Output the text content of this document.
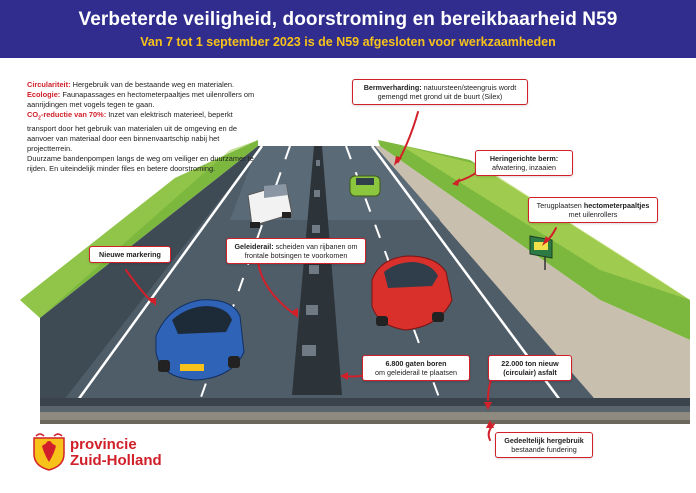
Verbeterde veiligheid, doorstroming en bereikbaarheid N59
Van 7 tot 1 september 2023 is de N59 afgesloten voor werkzaamheden
Circulariteit: Hergebruik van de bestaande weg en materialen.
Ecologie: Faunapassages en hectometerpaaltjes met uilenrollers om aanrijdingen met vogels tegen te gaan.
$CO_2$-reductie van 70%: Inzet van elektrisch materieel, beperkt transport door het gebruik van materialen uit de omgeving en de aanvoer van materiaal door een binnenvaartschip nabij het projectterrein.
Duurzame bandenpompen langs de weg om veiliger en duurzamer te rijden. En uiteindelijk minder files en betere doorstroming.
Bermverharding: natuursteen/steengruis wordt gemengd met grond uit de buurt (Silex)
Heringerichte berm:
afwatering, inzaaien
Terugplaatsen hectometerpaaltjes
met uilenrollers
Nieuwe markering
Geleiderail: scheiden van rijbanen om frontale botsingen te voorkomen
6.800 gaten boren
om geleiderail te plaatsen
22.000 ton nieuw
(circulair) asfalt
Gedeeltelijk hergebruik
bestaande fundering
provincie
Zuid-Holland
